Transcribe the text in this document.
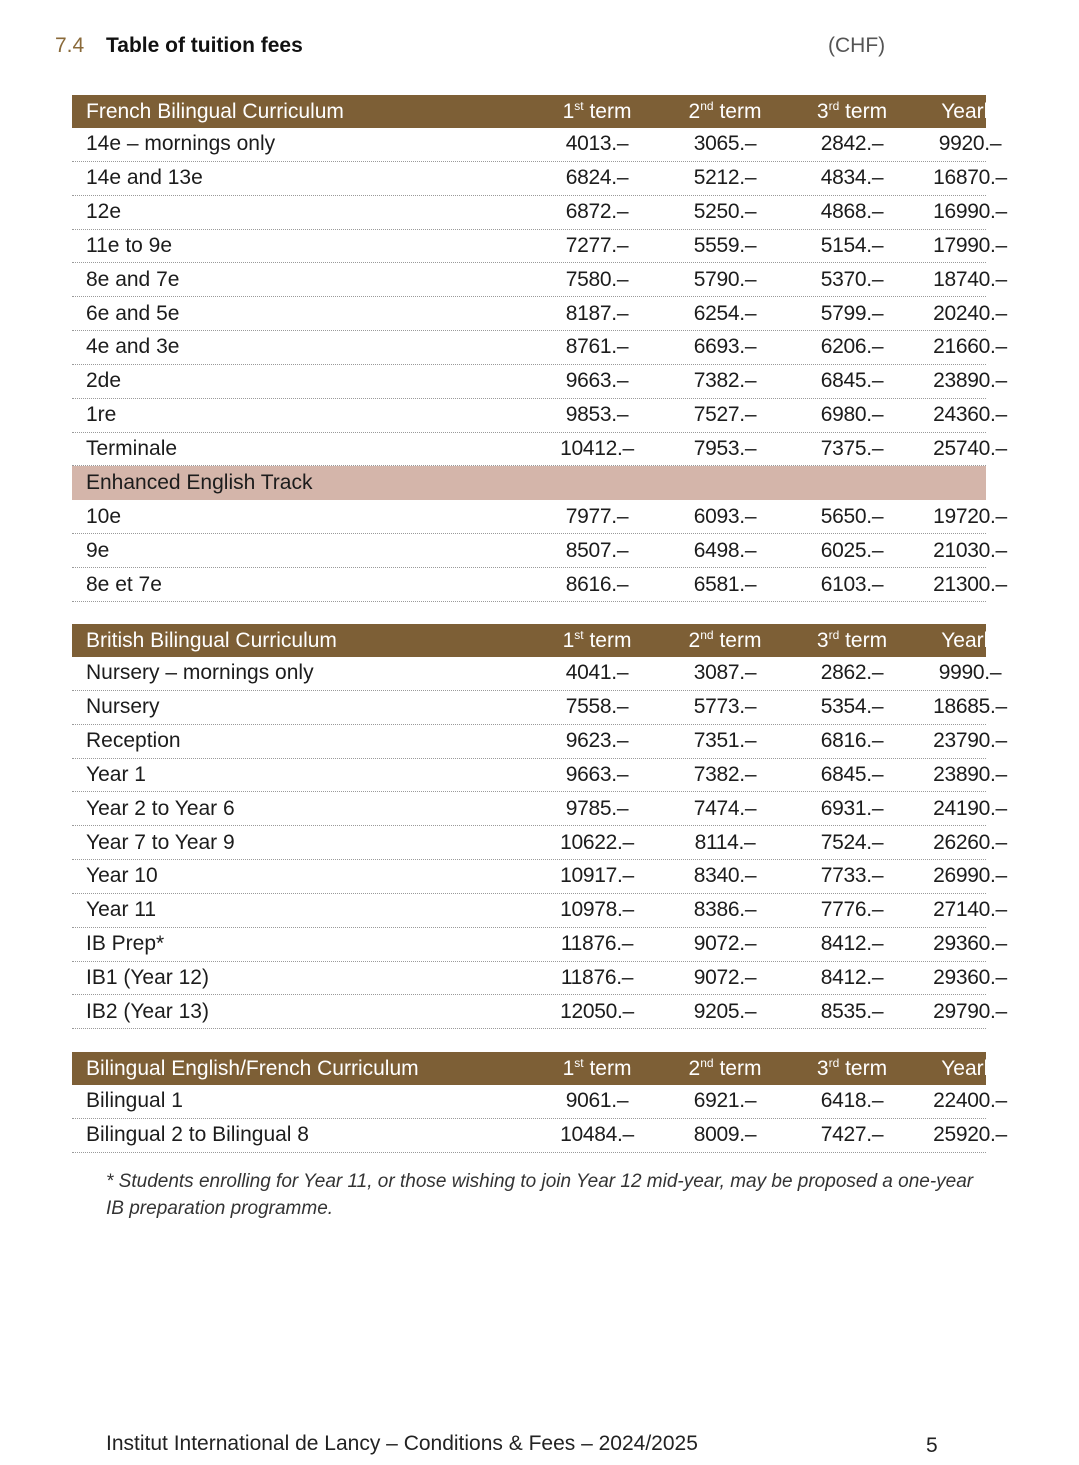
7.4 Table of tuition fees	(CHF)
French Bilingual Curriculum	1st term	2nd term	3rd term	Yearly
14e – mornings only	4013.–	3065.–	2842.–	9920.–
14e and 13e	6824.–	5212.–	4834.–	16870.–
12e	6872.–	5250.–	4868.–	16990.–
11e to 9e	7277.–	5559.–	5154.–	17990.–
8e and 7e	7580.–	5790.–	5370.–	18740.–
6e and 5e	8187.–	6254.–	5799.–	20240.–
4e and 3e	8761.–	6693.–	6206.–	21660.–
2de	9663.–	7382.–	6845.–	23890.–
1re	9853.–	7527.–	6980.–	24360.–
Terminale	10412.–	7953.–	7375.–	25740.–
Enhanced English Track
10e	7977.–	6093.–	5650.–	19720.–
9e	8507.–	6498.–	6025.–	21030.–
8e et 7e	8616.–	6581.–	6103.–	21300.–
British Bilingual Curriculum	1st term	2nd term	3rd term	Yearly
Nursery – mornings only	4041.–	3087.–	2862.–	9990.–
Nursery	7558.–	5773.–	5354.–	18685.–
Reception	9623.–	7351.–	6816.–	23790.–
Year 1	9663.–	7382.–	6845.–	23890.–
Year 2 to Year 6	9785.–	7474.–	6931.–	24190.–
Year 7 to Year 9	10622.–	8114.–	7524.–	26260.–
Year 10	10917.–	8340.–	7733.–	26990.–
Year 11	10978.–	8386.–	7776.–	27140.–
IB Prep*	11876.–	9072.–	8412.–	29360.–
IB1 (Year 12)	11876.–	9072.–	8412.–	29360.–
IB2 (Year 13)	12050.–	9205.–	8535.–	29790.–
Bilingual English/French Curriculum	1st term	2nd term	3rd term	Yearly
Bilingual 1	9061.–	6921.–	6418.–	22400.–
Bilingual 2 to Bilingual 8	10484.–	8009.–	7427.–	25920.–
* Students enrolling for Year 11, or those wishing to join Year 12 mid-year, may be proposed a one-year IB preparation programme.
Institut International de Lancy – Conditions & Fees – 2024/2025	5
